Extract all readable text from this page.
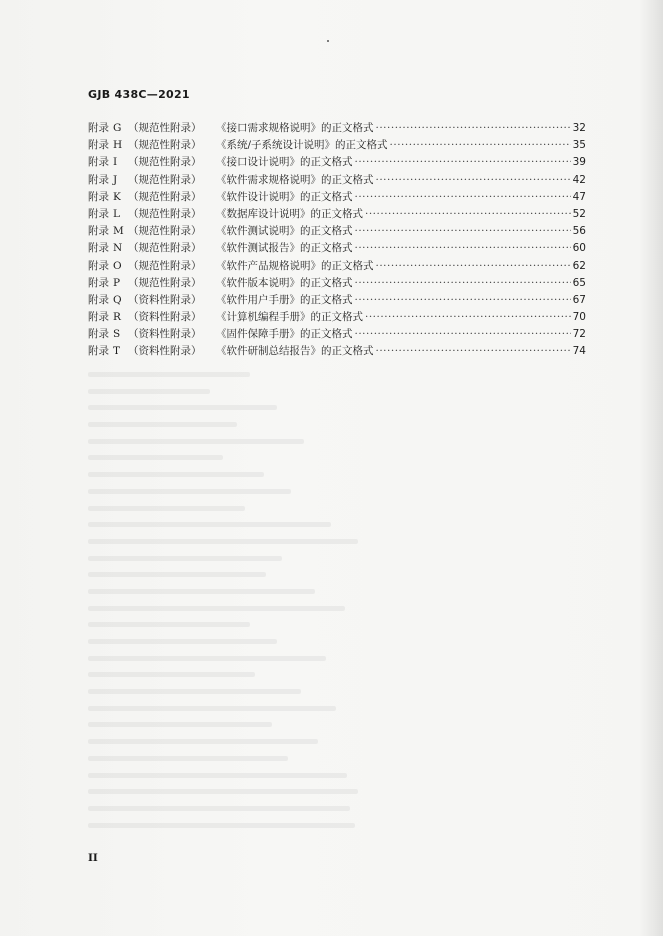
GJB 438C—2021
附录 G （规范性附录）	《接口需求规格说明》的正文格式 ·····	32
附录 H （规范性附录）	《系统/子系统设计说明》的正文格式 ·····	35
附录 I	（规范性附录）	《接口设计说明》的正文格式 ·····	39
附录 J	（规范性附录）	《软件需求规格说明》的正文格式 ·····	42
附录 K （规范性附录）	《软件设计说明》的正文格式 ·····	47
附录 L （规范性附录）	《数据库设计说明》的正文格式 ·····	52
附录 M （规范性附录）	《软件测试说明》的正文格式 ·····	56
附录 N （规范性附录）	《软件测试报告》的正文格式 ·····	60
附录 O （规范性附录）	《软件产品规格说明》的正文格式 ·····	62
附录 P （规范性附录）	《软件版本说明》的正文格式 ·····	65
附录 Q （资料性附录）	《软件用户手册》的正文格式 ·····	67
附录 R （资料性附录）	《计算机编程手册》的正文格式 ·····	70
附录 S （资料性附录）	《固件保障手册》的正文格式 ·····	72
附录 T （资料性附录）	《软件研制总结报告》的正文格式 ·····	74
II
